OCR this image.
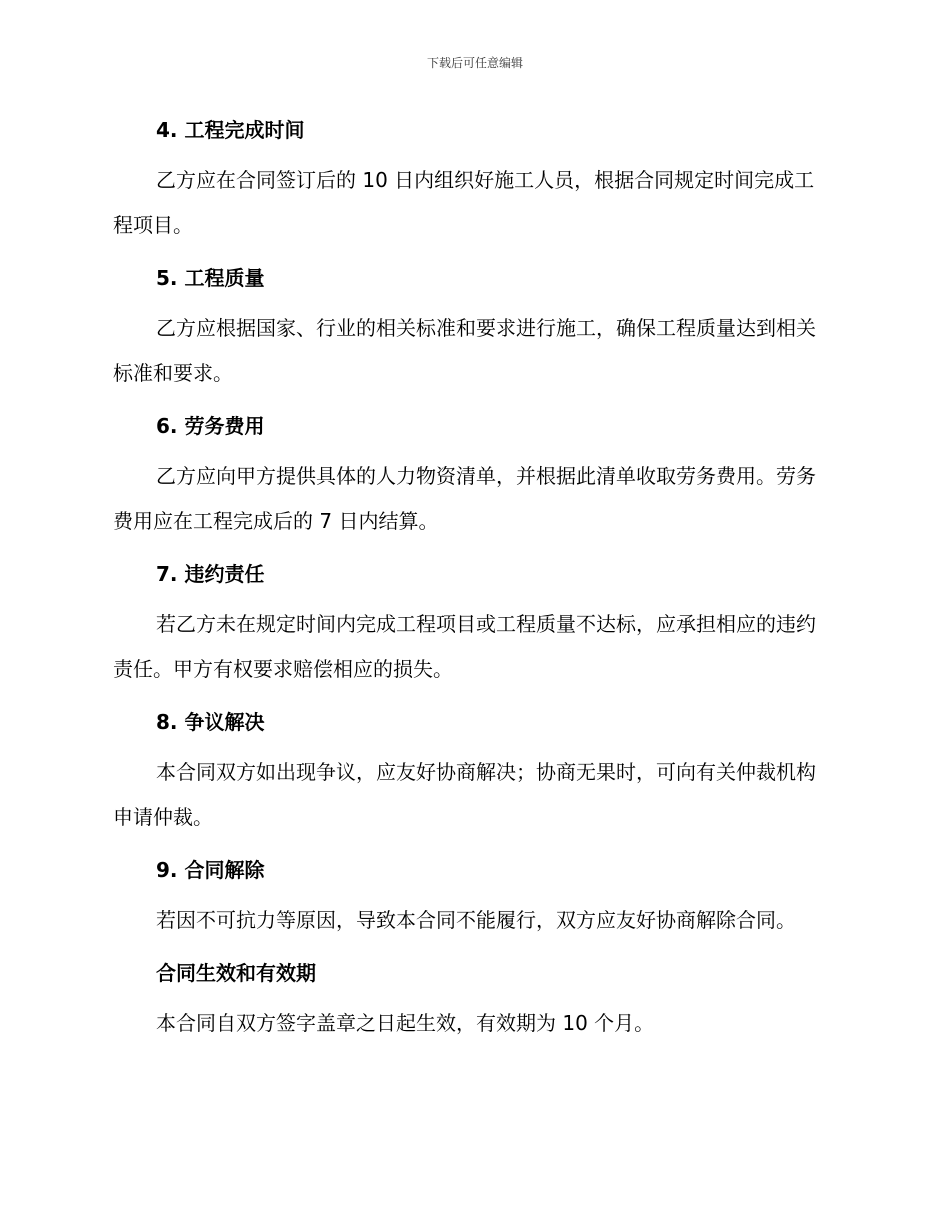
下载后可任意编辑
4. 工程完成时间

乙方应在合同签订后的 10 日内组织好施工人员，根据合同规定时间完成工程项目。

5. 工程质量

乙方应根据国家、行业的相关标准和要求进行施工，确保工程质量达到相关标准和要求。

6. 劳务费用

乙方应向甲方提供具体的人力物资清单，并根据此清单收取劳务费用。劳务费用应在工程完成后的 7 日内结算。

7. 违约责任

若乙方未在规定时间内完成工程项目或工程质量不达标，应承担相应的违约责任。甲方有权要求赔偿相应的损失。

8. 争议解决

本合同双方如出现争议，应友好协商解决；协商无果时，可向有关仲裁机构申请仲裁。

9. 合同解除

若因不可抗力等原因，导致本合同不能履行，双方应友好协商解除合同。

合同生效和有效期

本合同自双方签字盖章之日起生效，有效期为 10 个月。
